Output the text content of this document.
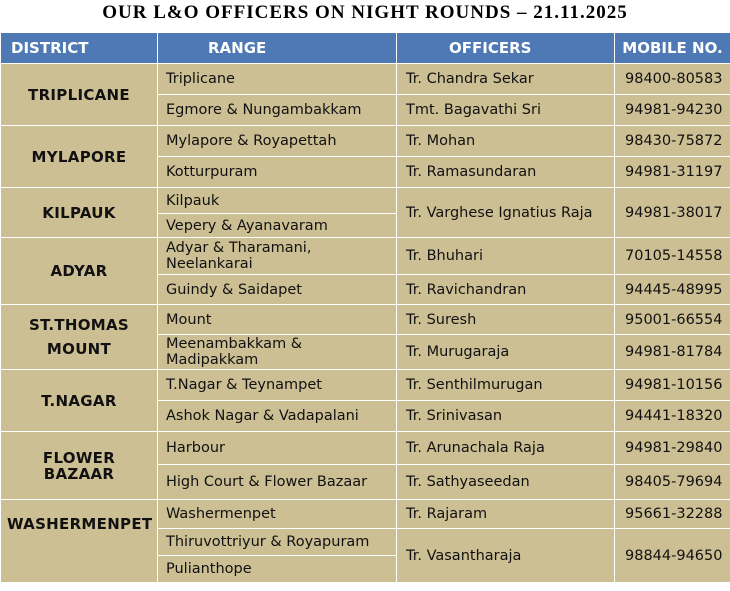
OUR L&O OFFICERS ON NIGHT ROUNDS – 21.11.2025
DISTRICT	RANGE	OFFICERS	MOBILE NO.
TRIPLICANE	Triplicane	Tr. Chandra Sekar	98400-80583
	Egmore & Nungambakkam	Tmt. Bagavathi Sri	94981-94230
MYLAPORE	Mylapore & Royapettah	Tr. Mohan	98430-75872
	Kotturpuram	Tr. Ramasundaran	94981-31197
KILPAUK	Kilpauk	Tr. Varghese Ignatius Raja	94981-38017
	Vepery & Ayanavaram		
ADYAR	Adyar & Tharamani, Neelankarai	Tr. Bhuhari	70105-14558
	Guindy & Saidapet	Tr. Ravichandran	94445-48995
ST.THOMAS MOUNT	Mount	Tr. Suresh	95001-66554
	Meenambakkam & Madipakkam	Tr. Murugaraja	94981-81784
T.NAGAR	T.Nagar & Teynampet	Tr. Senthilmurugan	94981-10156
	Ashok Nagar & Vadapalani	Tr. Srinivasan	94441-18320
FLOWER BAZAAR	Harbour	Tr. Arunachala Raja	94981-29840
	High Court & Flower Bazaar	Tr. Sathyaseedan	98405-79694
WASHERMENPET	Washermenpet	Tr. Rajaram	95661-32288
	Thiruvottriyur & Royapuram	Tr. Vasantharaja	98844-94650
	Pulianthope		
